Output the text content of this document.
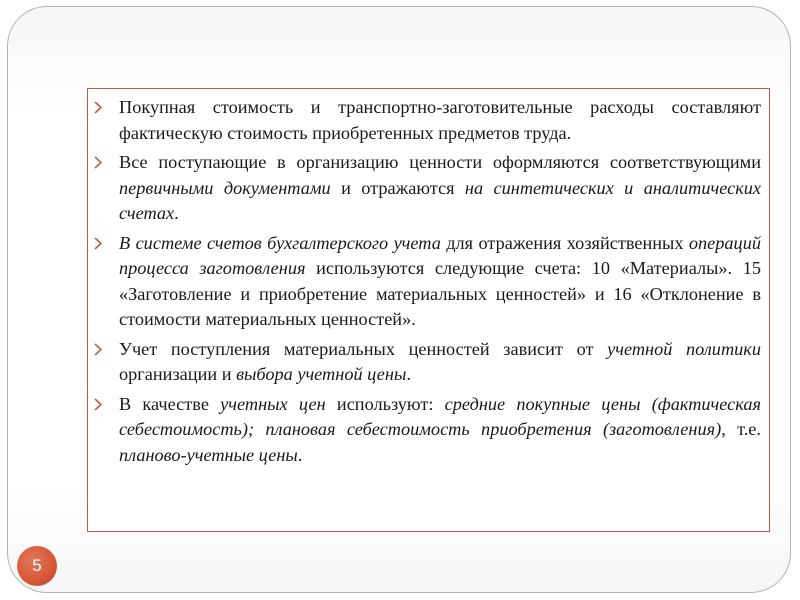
Покупная стоимость и транспортно-заготовительные расходы составляют фактическую стоимость приобретенных предметов труда.

Все поступающие в организацию ценности оформляются соответствующими первичными документами и отражаются на синтетических и аналитических счетах.

В системе счетов бухгалтерского учета для отражения хозяйственных операций процесса заготовления используются следующие счета: 10 «Материалы». 15 «Заготовление и приобретение материальных ценностей» и 16 «Отклонение в стоимости материальных ценностей».

Учет поступления материальных ценностей зависит от учетной политики организации и выбора учетной цены.

В качестве учетных цен используют: средние покупные цены (фактическая себестоимость); плановая себестоимость приобретения (заготовления), т.е. планово-учетные цены.

5
